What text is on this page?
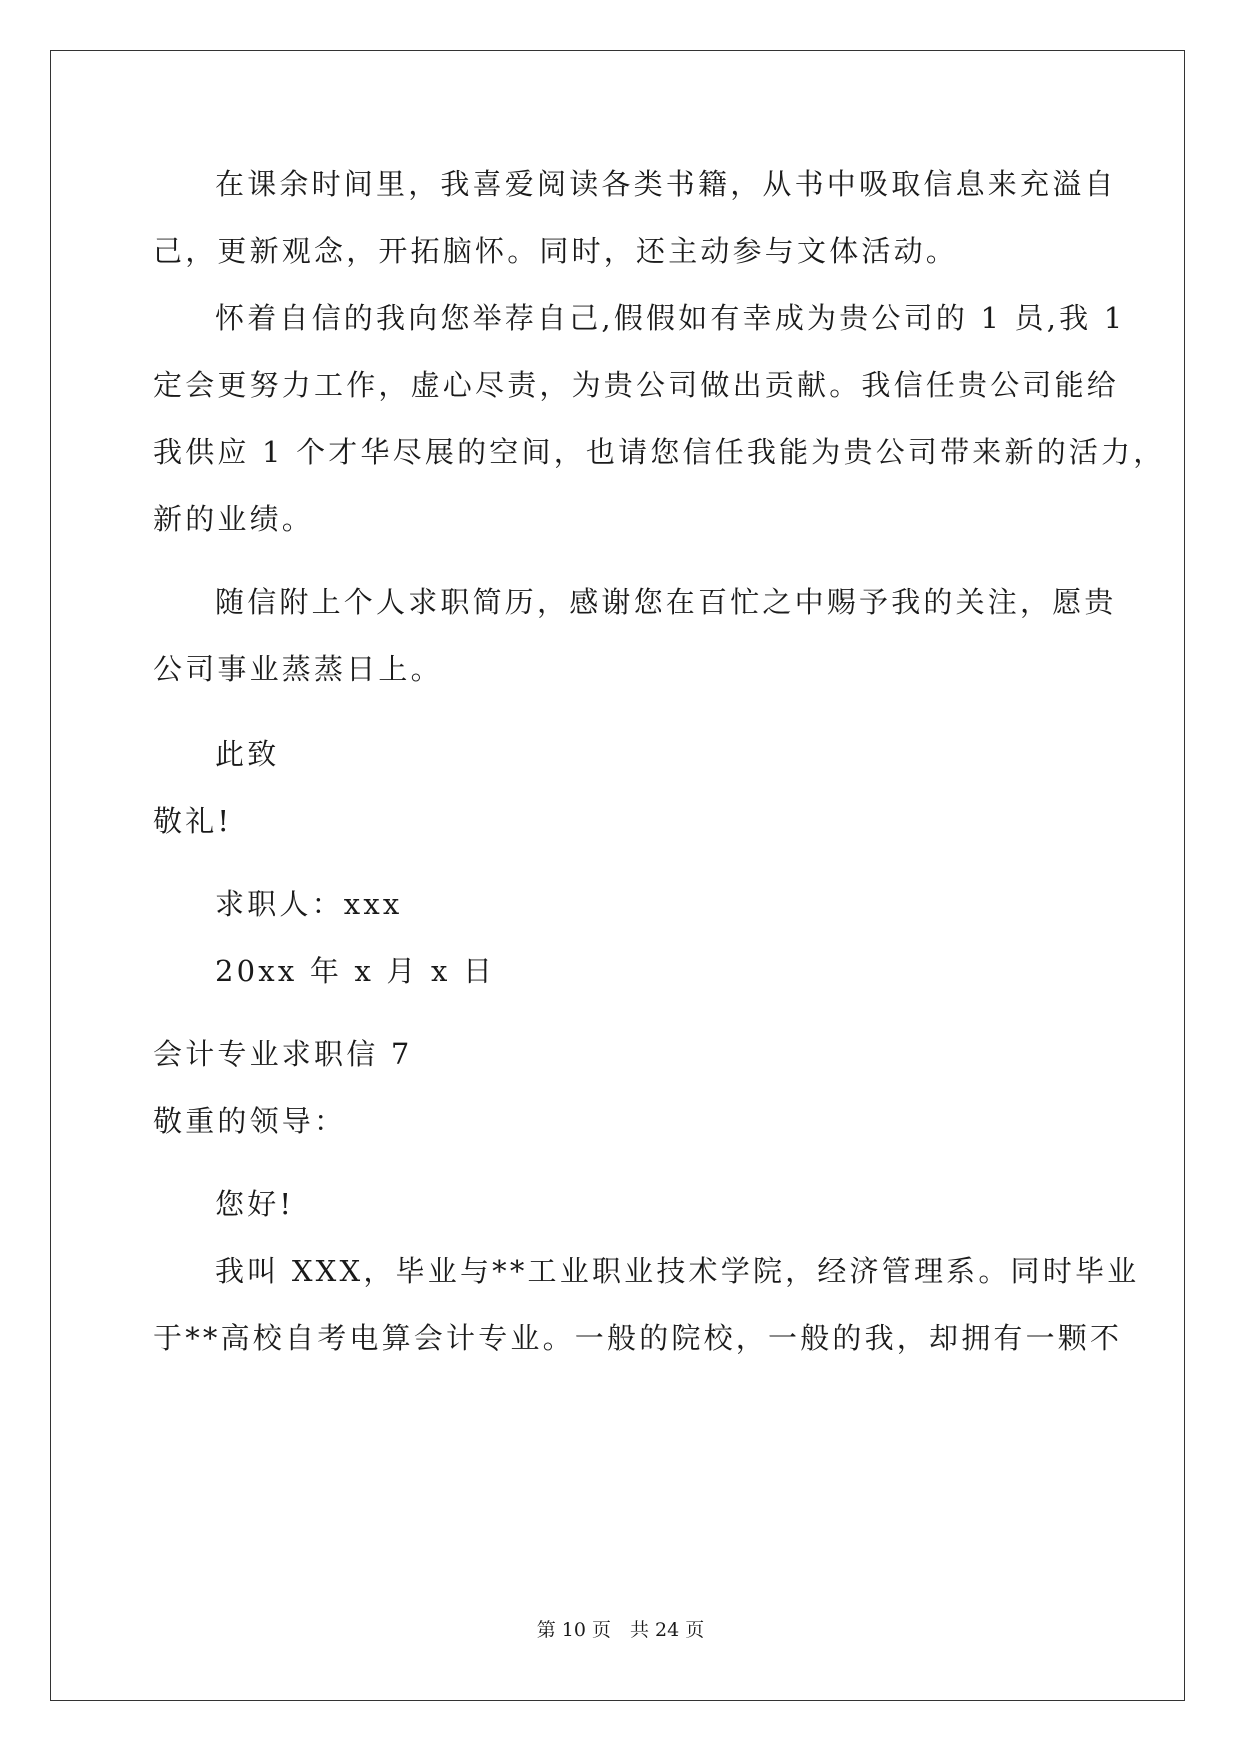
在课余时间里，我喜爱阅读各类书籍，从书中吸取信息来充溢自
己，更新观念，开拓脑怀。同时，还主动参与文体活动。
怀着自信的我向您举荐自己,假假如有幸成为贵公司的 1 员,我 1
定会更努力工作，虚心尽责，为贵公司做出贡献。我信任贵公司能给
我供应 1 个才华尽展的空间，也请您信任我能为贵公司带来新的活力，
新的业绩。
随信附上个人求职简历，感谢您在百忙之中赐予我的关注，愿贵
公司事业蒸蒸日上。
此致
敬礼!
求职人：xxx
20xx 年 x 月 x 日
会计专业求职信 7
敬重的领导：
您好!
我叫 XXX，毕业与**工业职业技术学院，经济管理系。同时毕业
于**高校自考电算会计专业。一般的院校，一般的我，却拥有一颗不
第 10 页　共 24 页
